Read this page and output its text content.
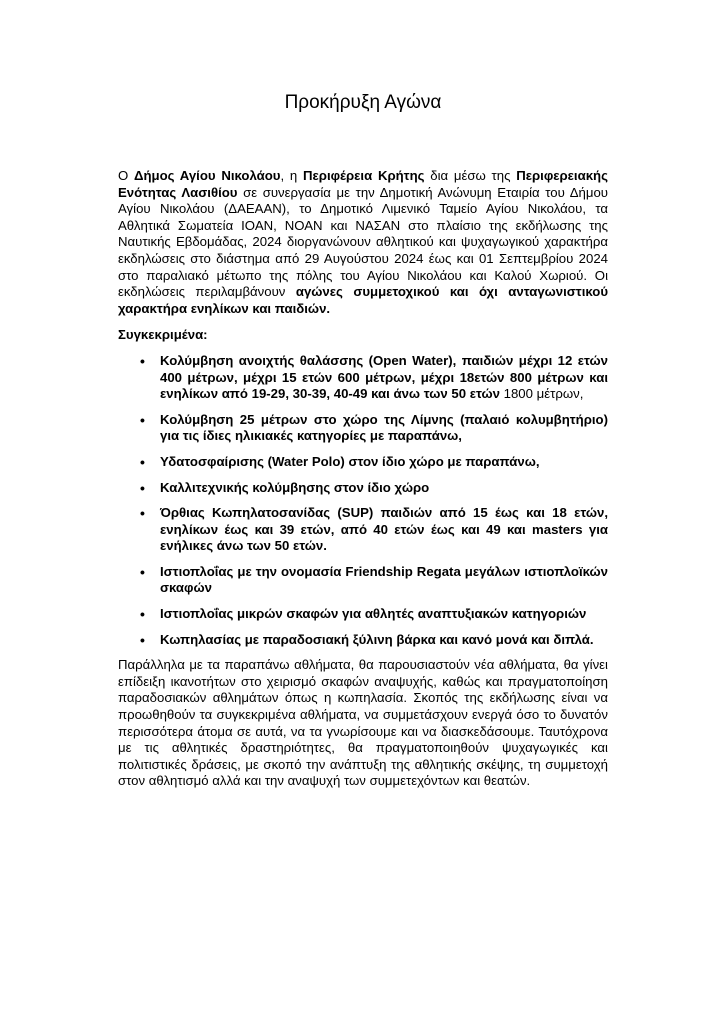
Προκήρυξη Αγώνα

Ο Δήμος Αγίου Νικολάου, η Περιφέρεια Κρήτης δια μέσω της Περιφερειακής Ενότητας Λασιθίου σε συνεργασία με την Δημοτική Ανώνυμη Εταιρία του Δήμου Αγίου Νικολάου (ΔΑΕΑΑΝ), το Δημοτικό Λιμενικό Ταμείο Αγίου Νικολάου, τα Αθλητικά Σωματεία ΙΟΑΝ, ΝΟΑΝ και ΝΑΣΑΝ στο πλαίσιο της εκδήλωσης της Ναυτικής Εβδομάδας, 2024 διοργανώνουν αθλητικού και ψυχαγωγικού χαρακτήρα εκδηλώσεις στο διάστημα από 29 Αυγούστου 2024 έως και 01 Σεπτεμβρίου 2024 στο παραλιακό μέτωπο της πόλης του Αγίου Νικολάου και Καλού Χωριού. Οι εκδηλώσεις περιλαμβάνουν αγώνες συμμετοχικού και όχι ανταγωνιστικού χαρακτήρα ενηλίκων και παιδιών.

Συγκεκριμένα:

• Κολύμβηση ανοιχτής θαλάσσης (Open Water), παιδιών μέχρι 12 ετών 400 μέτρων, μέχρι 15 ετών 600 μέτρων, μέχρι 18ετών 800 μέτρων και ενηλίκων από 19-29, 30-39, 40-49 και άνω των 50 ετών 1800 μέτρων,
• Κολύμβηση 25 μέτρων στο χώρο της Λίμνης (παλαιό κολυμβητήριο) για τις ίδιες ηλικιακές κατηγορίες με παραπάνω,
• Υδατοσφαίρισης (Water Polo) στον ίδιο χώρο με παραπάνω,
• Καλλιτεχνικής κολύμβησης στον ίδιο χώρο
• Όρθιας Κωπηλατοσανίδας (SUP) παιδιών από 15 έως και 18 ετών, ενηλίκων έως και 39 ετών, από 40 ετών έως και 49 και masters για ενήλικες άνω των 50 ετών.
• Ιστιοπλοΐας με την ονομασία Friendship Regata μεγάλων ιστιοπλοϊκών σκαφών
• Ιστιοπλοΐας μικρών σκαφών για αθλητές αναπτυξιακών κατηγοριών
• Κωπηλασίας με παραδοσιακή ξύλινη βάρκα και κανό μονά και διπλά.

Παράλληλα με τα παραπάνω αθλήματα, θα παρουσιαστούν νέα αθλήματα, θα γίνει επίδειξη ικανοτήτων στο χειρισμό σκαφών αναψυχής, καθώς και πραγματοποίηση παραδοσιακών αθλημάτων όπως η κωπηλασία. Σκοπός της εκδήλωσης είναι να προωθηθούν τα συγκεκριμένα αθλήματα, να συμμετάσχουν ενεργά όσο το δυνατόν περισσότερα άτομα σε αυτά, να τα γνωρίσουμε και να διασκεδάσουμε. Ταυτόχρονα με τις αθλητικές δραστηριότητες, θα πραγματοποιηθούν ψυχαγωγικές και πολιτιστικές δράσεις, με σκοπό την ανάπτυξη της αθλητικής σκέψης, τη συμμετοχή στον αθλητισμό αλλά και την αναψυχή των συμμετεχόντων και θεατών.
